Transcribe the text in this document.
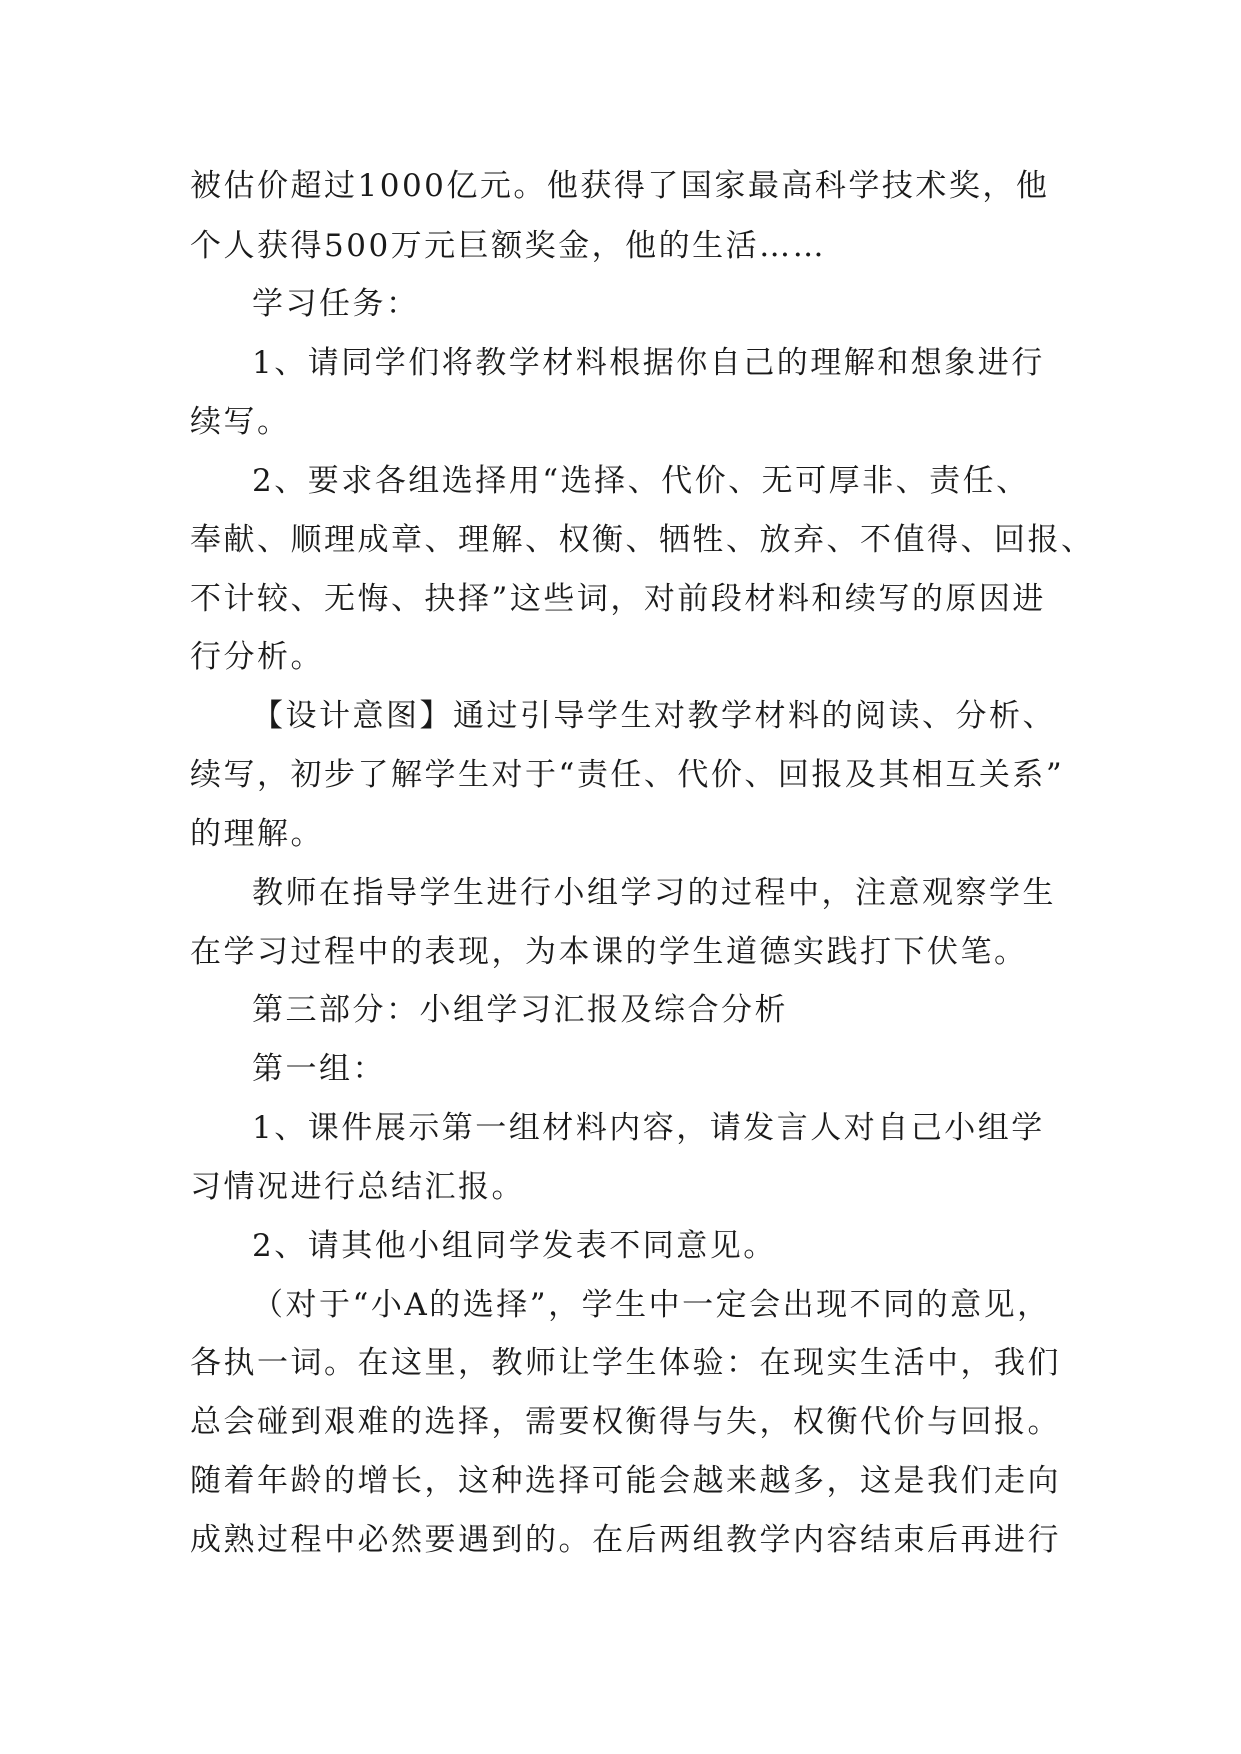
被估价超过1000亿元。他获得了国家最高科学技术奖，他
个人获得500万元巨额奖金，他的生活……
学习任务：
1、请同学们将教学材料根据你自己的理解和想象进行
续写。
2、要求各组选择用“选择、代价、无可厚非、责任、
奉献、顺理成章、理解、权衡、牺牲、放弃、不值得、回报、
不计较、无悔、抉择”这些词，对前段材料和续写的原因进
行分析。
【设计意图】通过引导学生对教学材料的阅读、分析、
续写，初步了解学生对于“责任、代价、回报及其相互关系”
的理解。
教师在指导学生进行小组学习的过程中，注意观察学生
在学习过程中的表现，为本课的学生道德实践打下伏笔。
第三部分：小组学习汇报及综合分析
第一组：
1、课件展示第一组材料内容，请发言人对自己小组学
习情况进行总结汇报。
2、请其他小组同学发表不同意见。
（对于“小A的选择”，学生中一定会出现不同的意见，
各执一词。在这里，教师让学生体验：在现实生活中，我们
总会碰到艰难的选择，需要权衡得与失，权衡代价与回报。
随着年龄的增长，这种选择可能会越来越多，这是我们走向
成熟过程中必然要遇到的。在后两组教学内容结束后再进行
